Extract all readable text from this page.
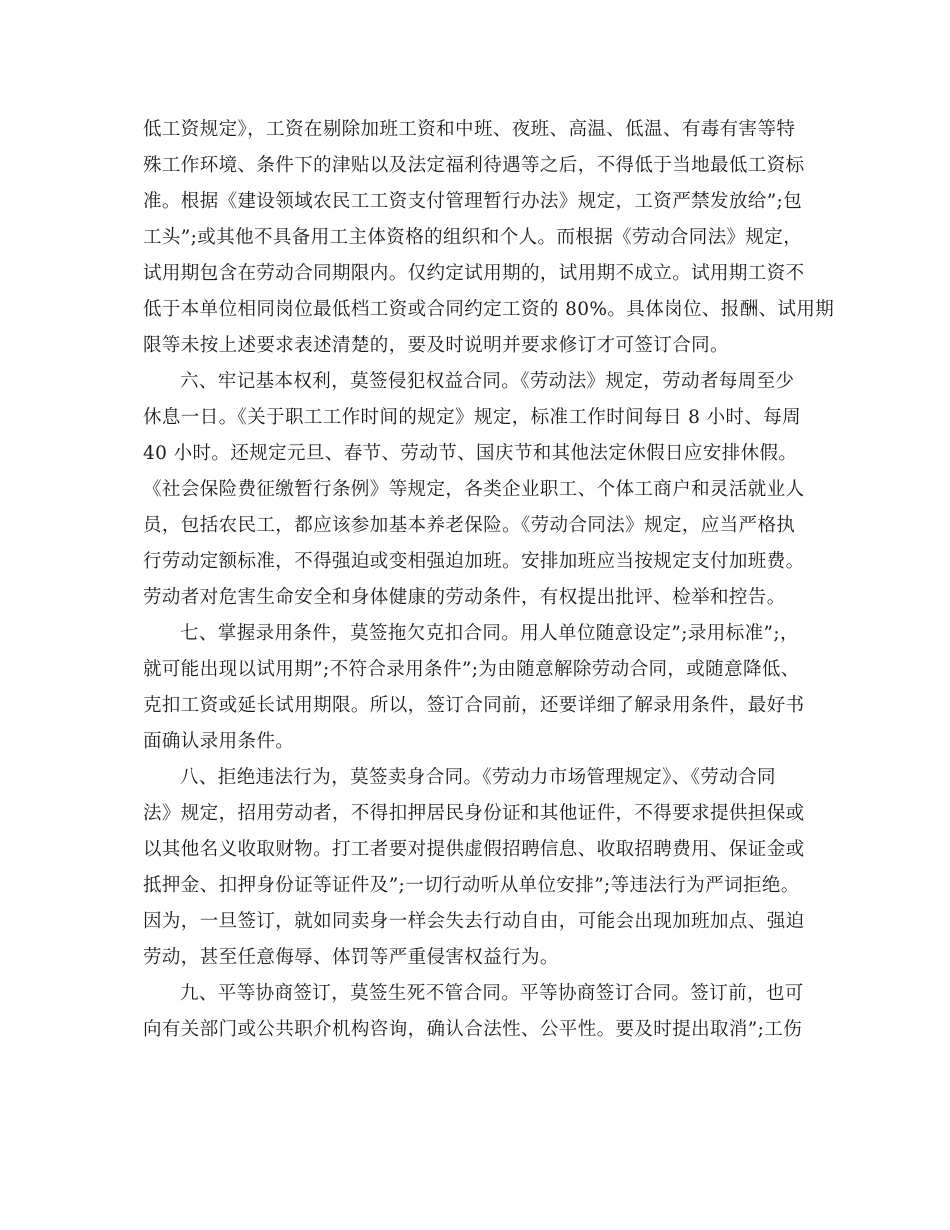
低工资规定》，工资在剔除加班工资和中班、夜班、高温、低温、有毒有害等特
殊工作环境、条件下的津贴以及法定福利待遇等之后，不得低于当地最低工资标
准。根据《建设领域农民工工资支付管理暂行办法》规定，工资严禁发放给”;包
工头”;或其他不具备用工主体资格的组织和个人。而根据《劳动合同法》规定，
试用期包含在劳动合同期限内。仅约定试用期的，试用期不成立。试用期工资不
低于本单位相同岗位最低档工资或合同约定工资的 80%。具体岗位、报酬、试用期
限等未按上述要求表述清楚的，要及时说明并要求修订才可签订合同。
六、牢记基本权利，莫签侵犯权益合同。《劳动法》规定，劳动者每周至少
休息一日。《关于职工工作时间的规定》规定，标准工作时间每日 8 小时、每周
40 小时。还规定元旦、春节、劳动节、国庆节和其他法定休假日应安排休假。
《社会保险费征缴暂行条例》等规定，各类企业职工、个体工商户和灵活就业人
员，包括农民工，都应该参加基本养老保险。《劳动合同法》规定，应当严格执
行劳动定额标准，不得强迫或变相强迫加班。安排加班应当按规定支付加班费。
劳动者对危害生命安全和身体健康的劳动条件，有权提出批评、检举和控告。
七、掌握录用条件，莫签拖欠克扣合同。用人单位随意设定”;录用标准”;，
就可能出现以试用期”;不符合录用条件”;为由随意解除劳动合同，或随意降低、
克扣工资或延长试用期限。所以，签订合同前，还要详细了解录用条件，最好书
面确认录用条件。
八、拒绝违法行为，莫签卖身合同。《劳动力市场管理规定》、《劳动合同
法》规定，招用劳动者，不得扣押居民身份证和其他证件，不得要求提供担保或
以其他名义收取财物。打工者要对提供虚假招聘信息、收取招聘费用、保证金或
抵押金、扣押身份证等证件及”;一切行动听从单位安排”;等违法行为严词拒绝。
因为，一旦签订，就如同卖身一样会失去行动自由，可能会出现加班加点、强迫
劳动，甚至任意侮辱、体罚等严重侵害权益行为。
九、平等协商签订，莫签生死不管合同。平等协商签订合同。签订前，也可
向有关部门或公共职介机构咨询，确认合法性、公平性。要及时提出取消”;工伤
